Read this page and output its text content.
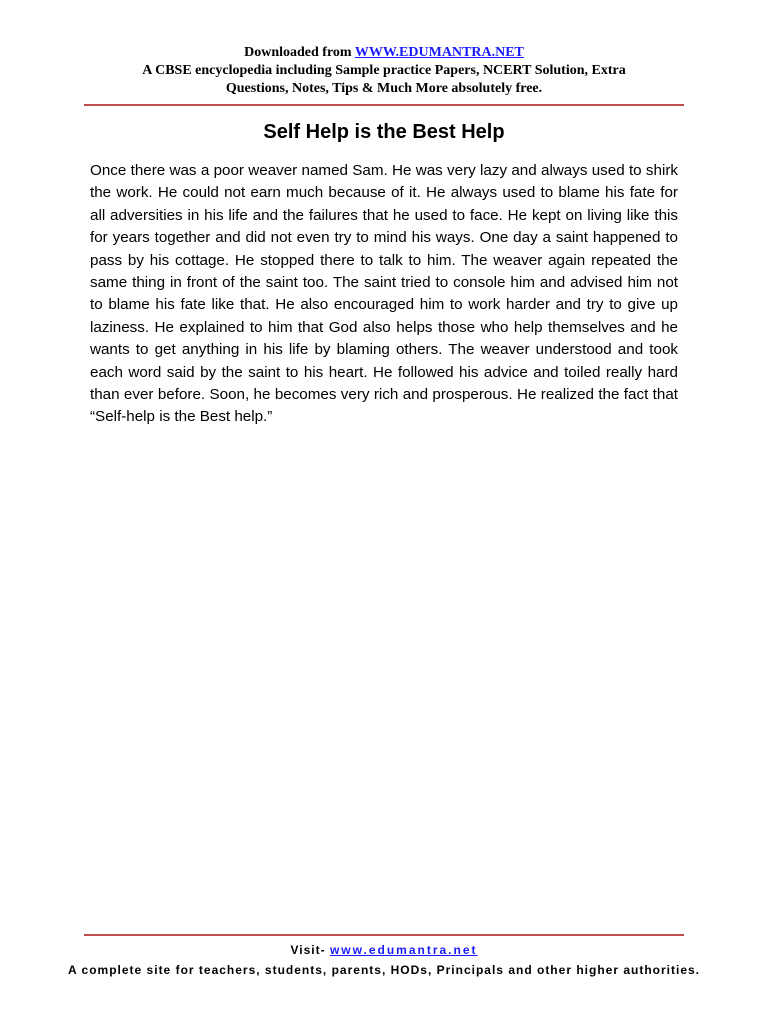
Downloaded from WWW.EDUMANTRA.NET
A CBSE encyclopedia including Sample practice Papers, NCERT Solution, Extra
Questions, Notes, Tips & Much More absolutely free.
Self Help is the Best Help

Once there was a poor weaver named Sam. He was very lazy and always used to shirk the work. He could not earn much because of it. He always used to blame his fate for all adversities in his life and the failures that he used to face. He kept on living like this for years together and did not even try to mind his ways. One day a saint happened to pass by his cottage. He stopped there to talk to him. The weaver again repeated the same thing in front of the saint too. The saint tried to console him and advised him not to blame his fate like that. He also encouraged him to work harder and try to give up laziness. He explained to him that God also helps those who help themselves and he wants to get anything in his life by blaming others. The weaver understood and took each word said by the saint to his heart. He followed his advice and toiled really hard than ever before. Soon, he becomes very rich and prosperous. He realized the fact that “Self-help is the Best help.”

Visit- www.edumantra.net
A complete site for teachers, students, parents, HODs, Principals and other higher authorities.
